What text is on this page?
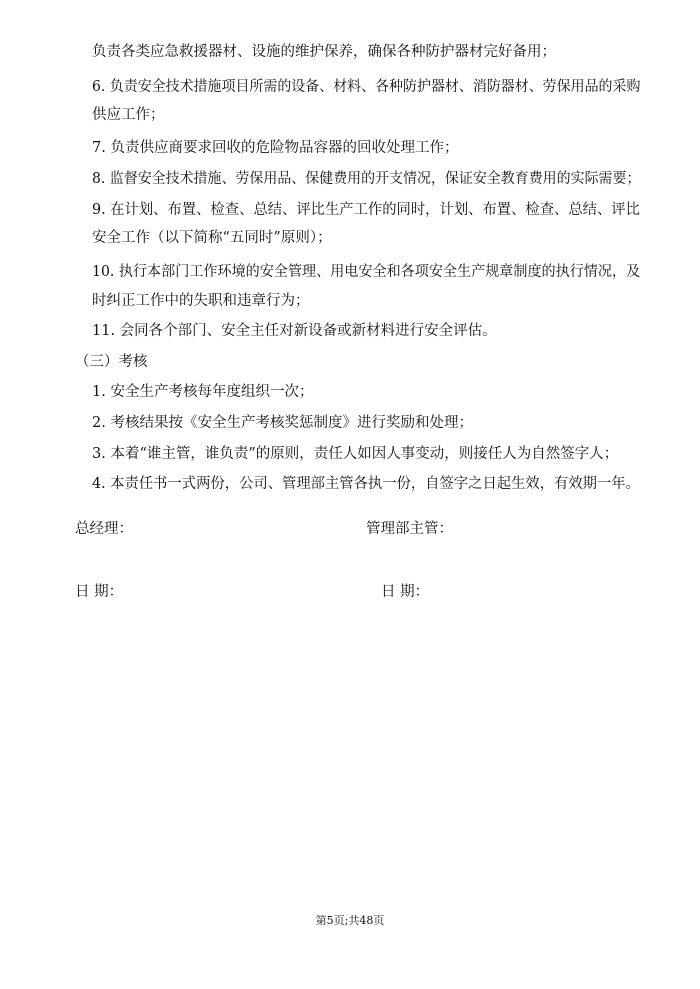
负责各类应急救援器材、设施的维护保养，确保各种防护器材完好备用；
6. 负责安全技术措施项目所需的设备、材料、各种防护器材、消防器材、劳保用品的采购
供应工作；
7. 负责供应商要求回收的危险物品容器的回收处理工作；
8. 监督安全技术措施、劳保用品、保健费用的开支情况，保证安全教育费用的实际需要；
9. 在计划、布置、检查、总结、评比生产工作的同时，计划、布置、检查、总结、评比
安全工作（以下简称“五同时”原则）；
10. 执行本部门工作环境的安全管理、用电安全和各项安全生产规章制度的执行情况，及
时纠正工作中的失职和违章行为；
11. 会同各个部门、安全主任对新设备或新材料进行安全评估。
（三）考核
1. 安全生产考核每年度组织一次；
2. 考核结果按《安全生产考核奖惩制度》进行奖励和处理；
3. 本着“谁主管，谁负责”的原则，责任人如因人事变动，则接任人为自然签字人；
4. 本责任书一式两份，公司、管理部主管各执一份，自签字之日起生效，有效期一年。
总经理：	管理部主管：
日 期：	日 期：
第5页;共48页
